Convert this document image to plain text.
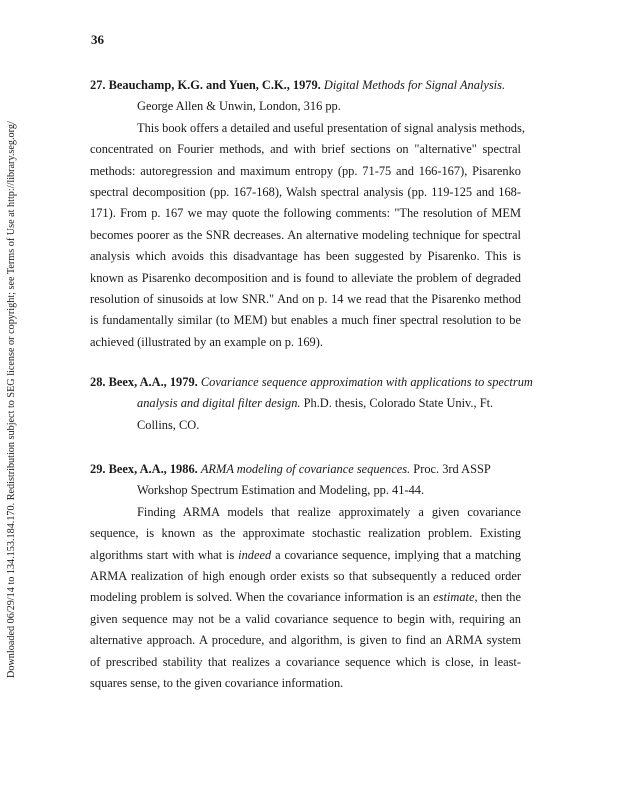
Downloaded 06/29/14 to 134.153.184.170. Redistribution subject to SEG license or copyright; see Terms of Use at http://library.seg.org/
36

27. Beauchamp, K.G. and Yuen, C.K., 1979. Digital Methods for Signal Analysis.

George Allen & Unwin, London, 316 pp.

This book offers a detailed and useful presentation of signal analysis methods,
concentrated on Fourier methods, and with brief sections on "alternative" spectral
methods: autoregression and maximum entropy (pp. 71-75 and 166-167), Pisarenko
spectral decomposition (pp. 167-168), Walsh spectral analysis (pp. 119-125 and 168-
171). From p. 167 we may quote the following comments: "The resolution of MEM
becomes poorer as the SNR decreases. An alternative modeling technique for spectral
analysis which avoids this disadvantage has been suggested by Pisarenko. This is
known as Pisarenko decomposition and is found to alleviate the problem of degraded
resolution of sinusoids at low SNR." And on p. 14 we read that the Pisarenko method
is fundamentally similar (to MEM) but enables a much finer spectral resolution to be
achieved (illustrated by an example on p. 169).

28. Beex, A.A., 1979. Covariance sequence approximation with applications to spectrum

analysis and digital filter design. Ph.D. thesis, Colorado State Univ., Ft.

Collins, CO.

29. Beex, A.A., 1986. ARMA modeling of covariance sequences. Proc. 3rd ASSP

Workshop Spectrum Estimation and Modeling, pp. 41-44.

Finding ARMA models that realize approximately a given covariance
sequence, is known as the approximate stochastic realization problem. Existing
algorithms start with what is indeed a covariance sequence, implying that a matching
ARMA realization of high enough order exists so that subsequently a reduced order
modeling problem is solved. When the covariance information is an estimate, then the
given sequence may not be a valid covariance sequence to begin with, requiring an
alternative approach. A procedure, and algorithm, is given to find an ARMA system
of prescribed stability that realizes a covariance sequence which is close, in least-
squares sense, to the given covariance information.
